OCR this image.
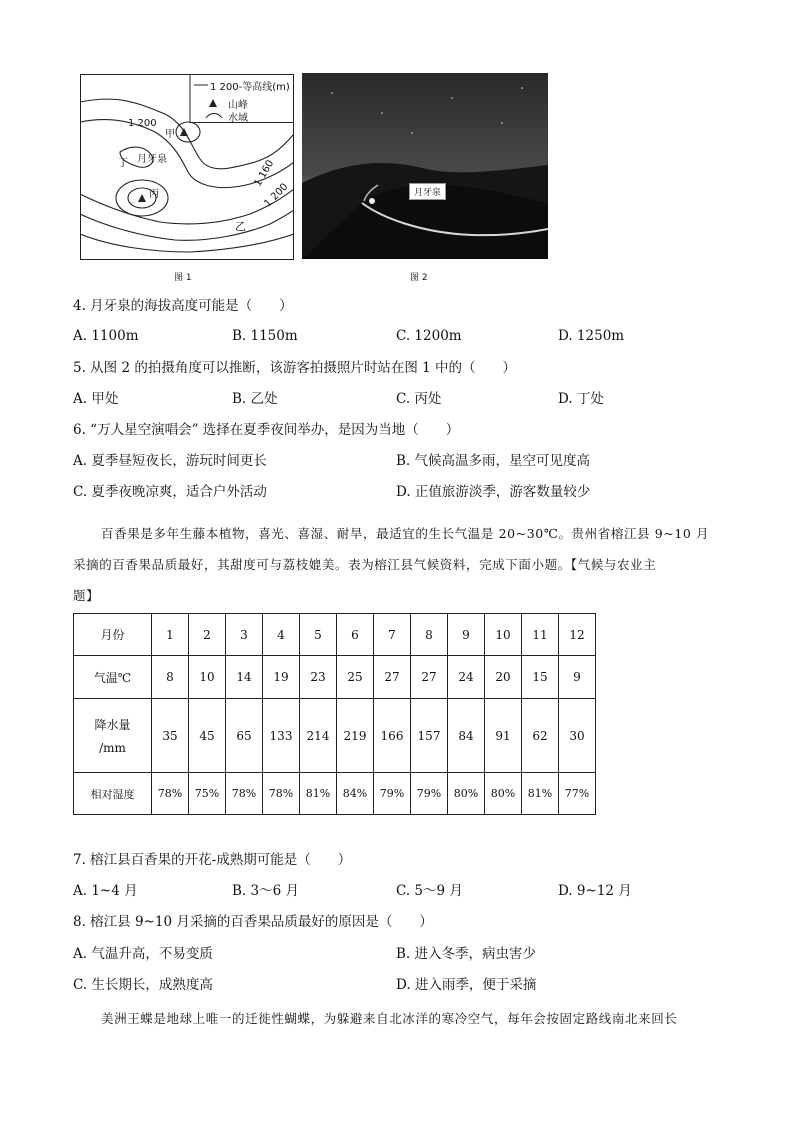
1 200-等高线(m)
山峰
水域
1 200
甲
丁 月牙泉
丙
1 160
1 200
乙
图 1
月牙泉
图 2
4. 月牙泉的海拔高度可能是（　　）
A. 1100m	B. 1150m	C. 1200m	D. 1250m
5. 从图 2 的拍摄角度可以推断，该游客拍摄照片时站在图 1 中的（　　）
A. 甲处	B. 乙处	C. 丙处	D. 丁处
6. “万人星空演唱会” 选择在夏季夜间举办，是因为当地（　　）
A. 夏季昼短夜长，游玩时间更长	B. 气候高温多雨，星空可见度高
C. 夏季夜晚凉爽，适合户外活动	D. 正值旅游淡季，游客数量较少
百香果是多年生藤本植物，喜光、喜湿、耐旱，最适宜的生长气温是 20~30℃。贵州省榕江县 9~10 月
采摘的百香果品质最好，其甜度可与荔枝媲美。表为榕江县气候资料，完成下面小题。【气候与农业主
题】
月份	1	2	3	4	5	6	7	8	9	10	11	12
气温℃	8	10	14	19	23	25	27	27	24	20	15	9

降水量
/mm	35	45	65	133	214	219	166	157	84	91	62	30
相对湿度	78%	75%	78%	78%	81%	84%	79%	79%	80%	80%	81%	77%
7. 榕江县百香果的开花-成熟期可能是（　　）
A. 1~4 月	B. 3～6 月	C. 5～9 月	D. 9~12 月
8. 榕江县 9~10 月采摘的百香果品质最好的原因是（　　）
A. 气温升高，不易变质	B. 进入冬季，病虫害少
C. 生长期长，成熟度高	D. 进入雨季，便于采摘
美洲王蝶是地球上唯一的迁徙性蝴蝶，为躲避来自北冰洋的寒冷空气，每年会按固定路线南北来回长
